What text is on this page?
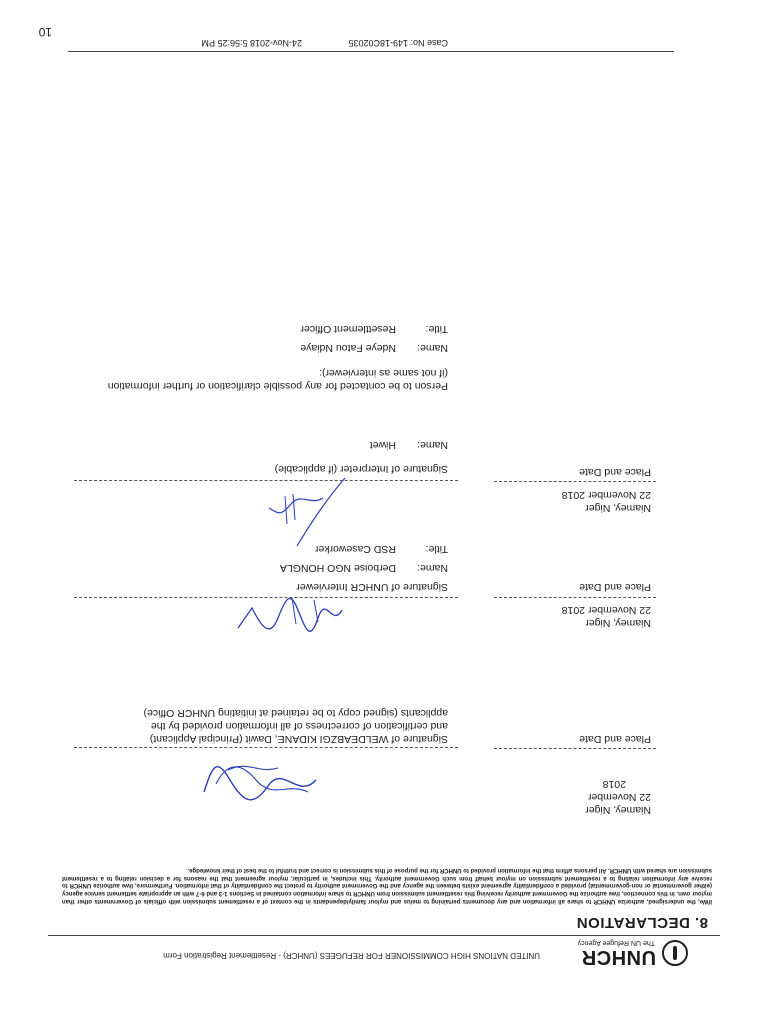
UNHCR
The UN Refugee Agency
UNITED NATIONS HIGH COMMISSIONER FOR REFUGEES (UNHCR) - Resettlement Registration Form
8. DECLARATION
I/We, the undersigned, authorize UNHCR to share all information and any documents pertaining to me/us and my/our family/dependants in the context of a resettlement submission with officials of Governments other than my/our own. In this connection, I/we authorize the Government authority receiving this resettlement submission from UNHCR to share information contained in Sections 1-3 and 6-7 with an appropriate settlement service agency (either governmental or non-governmental) provided a confidentiality agreement exists between the agency and the Government authority to protect the confidentiality of that information. Furthermore, I/we authorize UNHCR to receive any information relating to a resettlement submission on my/our behalf from such Government authority. This includes, in particular, my/our agreement that the reasons for a decision relating to a resettlement submission are shared with UNHCR. All persons affirm that the information provided to UNHCR for the purpose of this submission is correct and truthful to the best of their knowledge.
Niamey, Niger
22 November
2018
Place and Date
Signature of WELDEABZGI KIDANE, Dawit (Principal Applicant)
and certification of correctness of all information provided by the
applicants (signed copy to be retained at initiating UNHCR Office)
Niamey, Niger
22 November 2018
Place and Date
Signature of UNHCR Interviewer
Name:
Derboise NGO HONGLA
Title:
RSD Caseworker
Niamey, Niger
22 November 2018
Place and Date
Signature of Interpreter (if applicable)
Name:
Hiwet
Person to be contacted for any possible clarification or further information
(if not same as interviewer):
Name:
Ndeye Fatou Ndiaye
Title:
Resettlement Officer
Case No: 149-18C02035
24-Nov-2018 5:56:25 PM
10
